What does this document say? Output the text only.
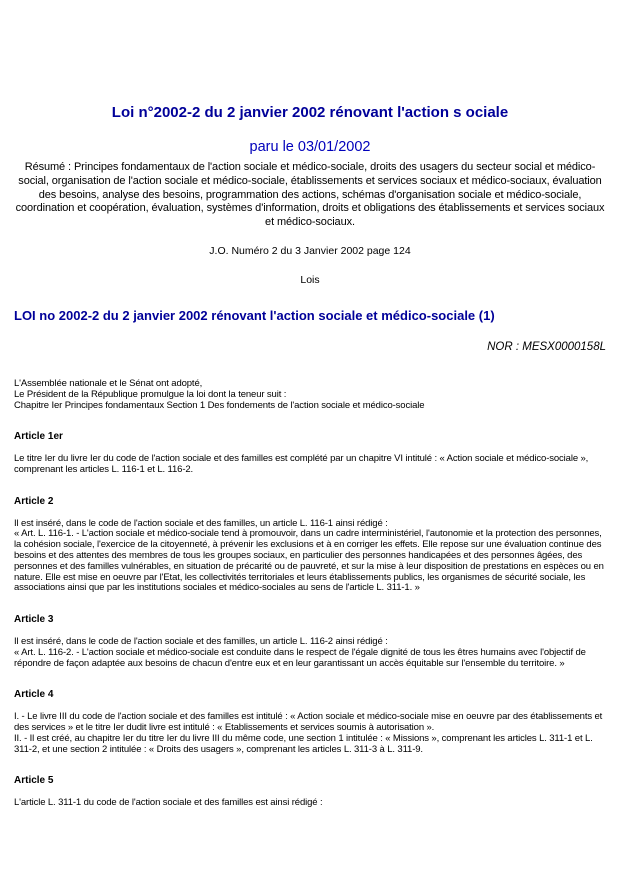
Loi n°2002-2 du 2 janvier 2002 rénovant l'action s ociale
paru le 03/01/2002
Résumé : Principes fondamentaux de l'action sociale et médico-sociale, droits des usagers du secteur social et médico-social, organisation de l'action sociale et médico-sociale, établissements et services sociaux et médico-sociaux, évaluation des besoins, analyse des besoins, programmation des actions, schémas d'organisation sociale et médico-sociale, coordination et coopération, évaluation, systèmes d'information, droits et obligations des établissements et services sociaux et médico-sociaux.
J.O. Numéro 2 du 3 Janvier 2002 page 124
Lois
LOI no 2002-2 du 2 janvier 2002 rénovant l'action sociale et médico-sociale (1)
NOR : MESX0000158L
L'Assemblée nationale et le Sénat ont adopté,
Le Président de la République promulgue la loi dont la teneur suit :
Chapitre Ier Principes fondamentaux Section 1 Des fondements de l'action sociale et médico-sociale
Article 1er
Le titre Ier du livre Ier du code de l'action sociale et des familles est complété par un chapitre VI intitulé : « Action sociale et médico-sociale », comprenant les articles L. 116-1 et L. 116-2.
Article 2
Il est inséré, dans le code de l'action sociale et des familles, un article L. 116-1 ainsi rédigé :
« Art. L. 116-1. - L'action sociale et médico-sociale tend à promouvoir, dans un cadre interministériel, l'autonomie et la protection des personnes, la cohésion sociale, l'exercice de la citoyenneté, à prévenir les exclusions et à en corriger les effets. Elle repose sur une évaluation continue des besoins et des attentes des membres de tous les groupes sociaux, en particulier des personnes handicapées et des personnes âgées, des personnes et des familles vulnérables, en situation de précarité ou de pauvreté, et sur la mise à leur disposition de prestations en espèces ou en nature. Elle est mise en oeuvre par l'Etat, les collectivités territoriales et leurs établissements publics, les organismes de sécurité sociale, les associations ainsi que par les institutions sociales et médico-sociales au sens de l'article L. 311-1. »
Article 3
Il est inséré, dans le code de l'action sociale et des familles, un article L. 116-2 ainsi rédigé :
« Art. L. 116-2. - L'action sociale et médico-sociale est conduite dans le respect de l'égale dignité de tous les êtres humains avec l'objectif de répondre de façon adaptée aux besoins de chacun d'entre eux et en leur garantissant un accès équitable sur l'ensemble du territoire. »
Article 4
I. - Le livre III du code de l'action sociale et des familles est intitulé : « Action sociale et médico-sociale mise en oeuvre par des établissements et des services » et le titre Ier dudit livre est intitulé : « Etablissements et services soumis à autorisation ».
II. - Il est créé, au chapitre Ier du titre Ier du livre III du même code, une section 1 intitulée : « Missions », comprenant les articles L. 311-1 et L. 311-2, et une section 2 intitulée : « Droits des usagers », comprenant les articles L. 311-3 à L. 311-9.
Article 5
L'article L. 311-1 du code de l'action sociale et des familles est ainsi rédigé :
